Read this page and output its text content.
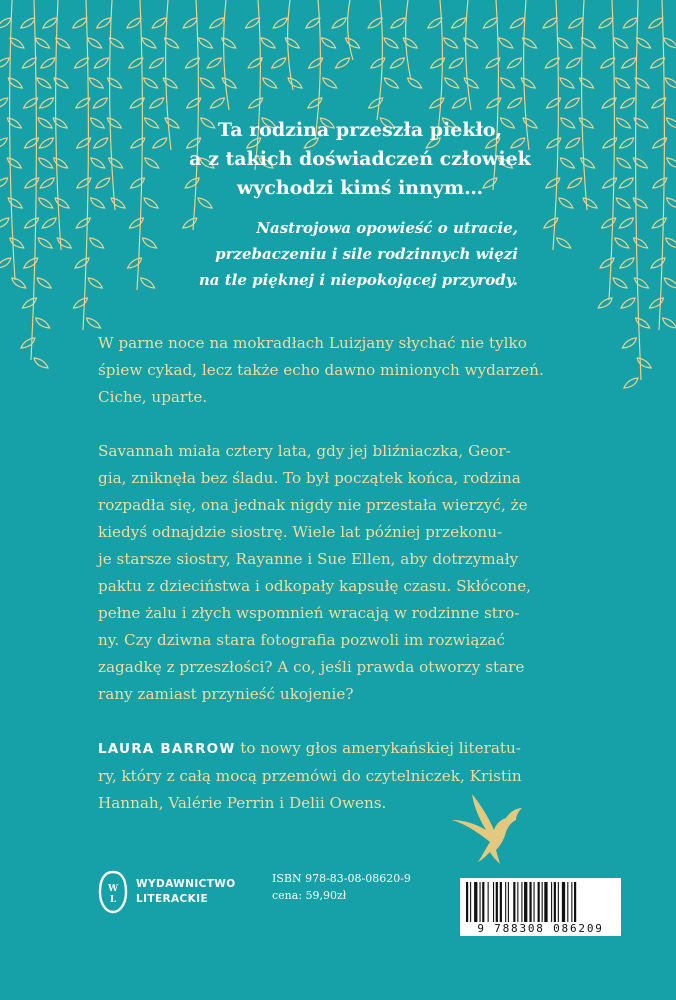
Ta rodzina przeszła piekło,
a z takich doświadczeń człowiek
wychodzi kimś innym…
Nastrojowa opowieść o utracie,
przebaczeniu i sile rodzinnych więzi
na tle pięknej i niepokojącej przyrody.
W parne noce na mokradłach Luizjany słychać nie tylko
śpiew cykad, lecz także echo dawno minionych wydarzeń.
Ciche, uparte.
Savannah miała cztery lata, gdy jej bliźniaczka, Geor-
gia, zniknęła bez śladu. To był początek końca, rodzina
rozpadła się, ona jednak nigdy nie przestała wierzyć, że
kiedyś odnajdzie siostrę. Wiele lat później przekonu-
je starsze siostry, Rayanne i Sue Ellen, aby dotrzymały
paktu z dzieciństwa i odkopały kapsułę czasu. Skłócone,
pełne żalu i złych wspomnień wracają w rodzinne stro-
ny. Czy dziwna stara fotografia pozwoli im rozwiązać
zagadkę z przeszłości? A co, jeśli prawda otworzy stare
rany zamiast przynieść ukojenie?
LAURA BARROW to nowy głos amerykańskiej literatu-
ry, który z całą mocą przemówi do czytelniczek, Kristin
Hannah, Valérie Perrin i Delii Owens.
W
L
WYDAWNICTWO
LITERACKIE
ISBN 978-83-08-08620-9
cena: 59,90zł
9 788308 086209
